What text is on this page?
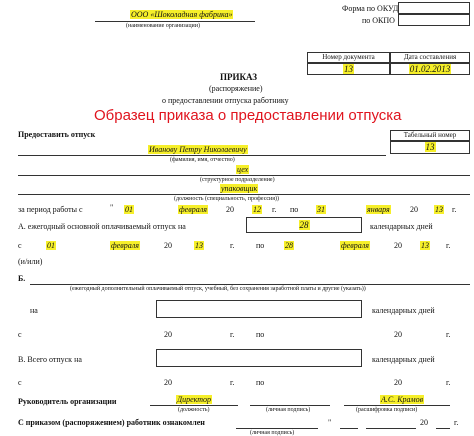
ООО «Шоколадная фабрика»
(наименование организации)
Форма по ОКУД
по ОКПО
Номер документа	Дата составления
13	01.02.2013
ПРИКАЗ
(распоряжение)
о предоставлении отпуска работнику
Образец приказа о предоставлении отпуска
Предоставить отпуск	Табельный номер
13
Иванову Петру Николаевичу
(фамилия, имя, отчество)
цех
(структурное подразделение)
упаковщик
(должность (специальность, профессия))
за период работы с	" 01	февраля 20 12 г. по 31	января	20 13 г.
А. ежегодный основной оплачиваемый отпуск на	28	календарных дней
с	01	февраля	20	13	г.	по	28	февраля	20 13 г.
(и/или)
Б.
(ежегодный дополнительный оплачиваемый отпуск, учебный, без сохранения заработной платы и другие (указать))
на	календарных дней
с	20	г.	по	20	г.
В. Всего отпуск на	календарных дней
с	20	г.	по	20	г.
Руководитель организации	Директор
(должность)	(личная подпись)
А.С. Крамов
(расшифровка подписи)
С приказом (распоряжением) работник ознакомлен
(личная подпись)
"	20	г.
